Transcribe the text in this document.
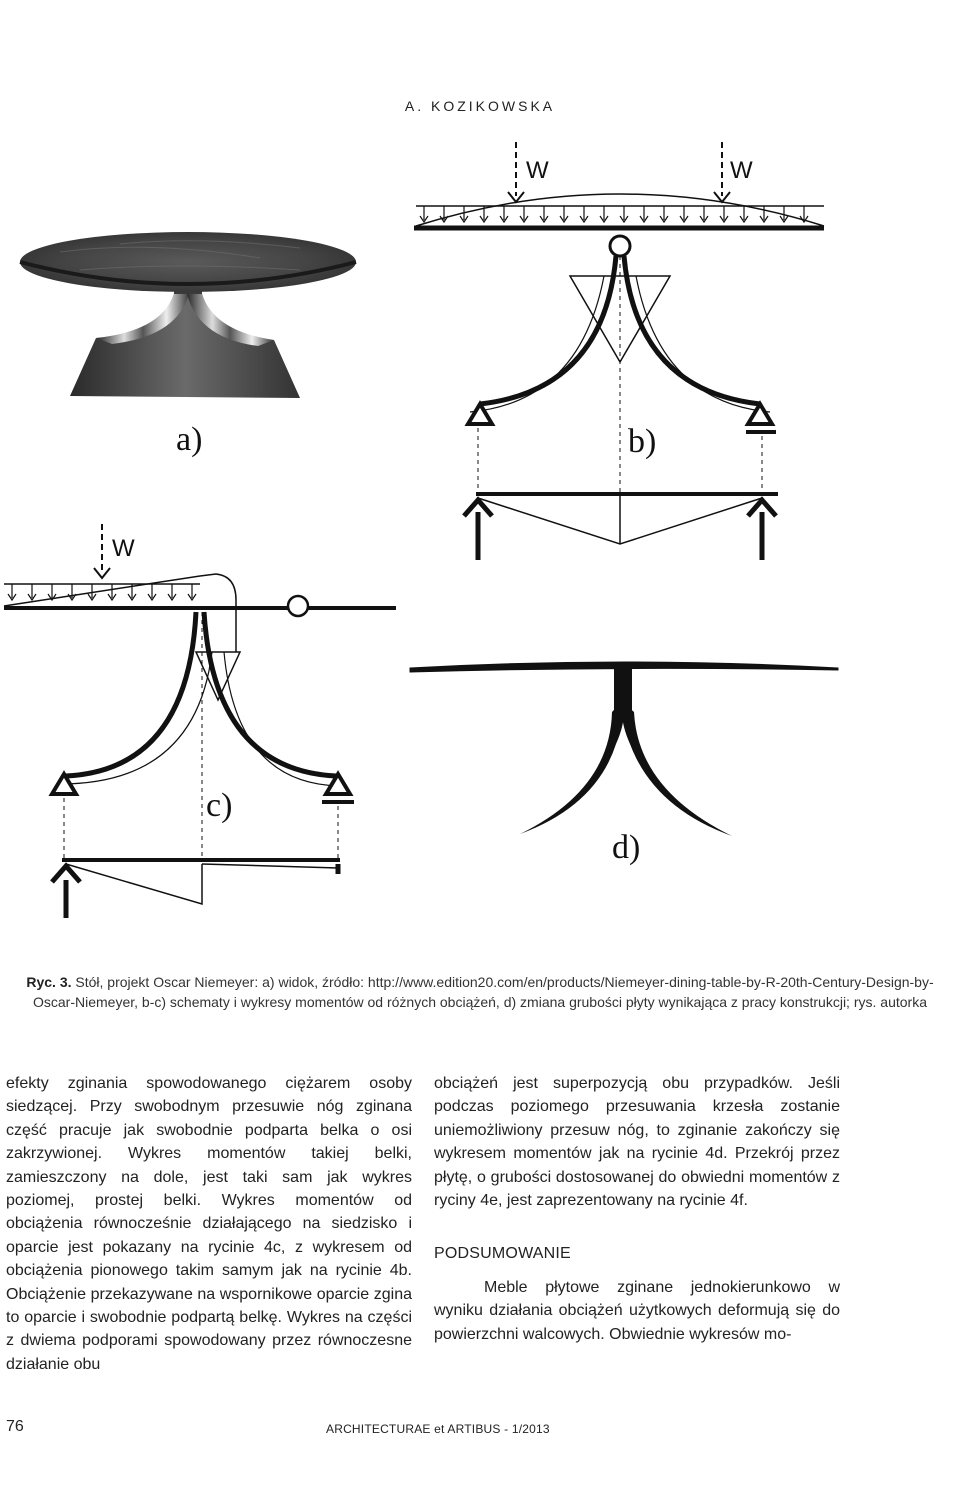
A. KOZIKOWSKA
a)
W	W
b)
W
c)
d)
Ryc. 3. Stół, projekt Oscar Niemeyer: a) widok, źródło: http://www.edition20.com/en/products/Niemeyer-dining-table-by-R-20th-Century-Design-by-Oscar-Niemeyer, b-c) schematy i wykresy momentów od różnych obciążeń, d) zmiana grubości płyty wynikająca z pracy konstrukcji; rys. autorka

efekty zginania spowodowanego ciężarem osoby siedzącej. Przy swobodnym przesuwie nóg zginana część pracuje jak swobodnie podparta belka o osi zakrzywionej. Wykres momentów takiej belki, zamieszczony na dole, jest taki sam jak wykres poziomej, prostej belki. Wykres momentów od obciążenia równocześnie działającego na siedzisko i oparcie jest pokazany na rycinie 4c, z wykresem od obciążenia pionowego takim samym jak na rycinie 4b. Obciążenie przekazywane na wspornikowe oparcie zgina to oparcie i swobodnie podpartą belkę. Wykres na części z dwiema podporami spowodowany przez równoczesne działanie obu

obciążeń jest superpozycją obu przypadków. Jeśli podczas poziomego przesuwania krzesła zostanie uniemożliwiony przesuw nóg, to zginanie zakończy się wykresem momentów jak na rycinie 4d. Przekrój przez płytę, o grubości dostosowanej do obwiedni momentów z ryciny 4e, jest zaprezentowany na rycinie 4f.

PODSUMOWANIE

Meble płytowe zginane jednokierunkowo w wyniku działania obciążeń użytkowych deformują się do powierzchni walcowych. Obwiednie wykresów mo-

76	ARCHITECTURAE et ARTIBUS - 1/2013
